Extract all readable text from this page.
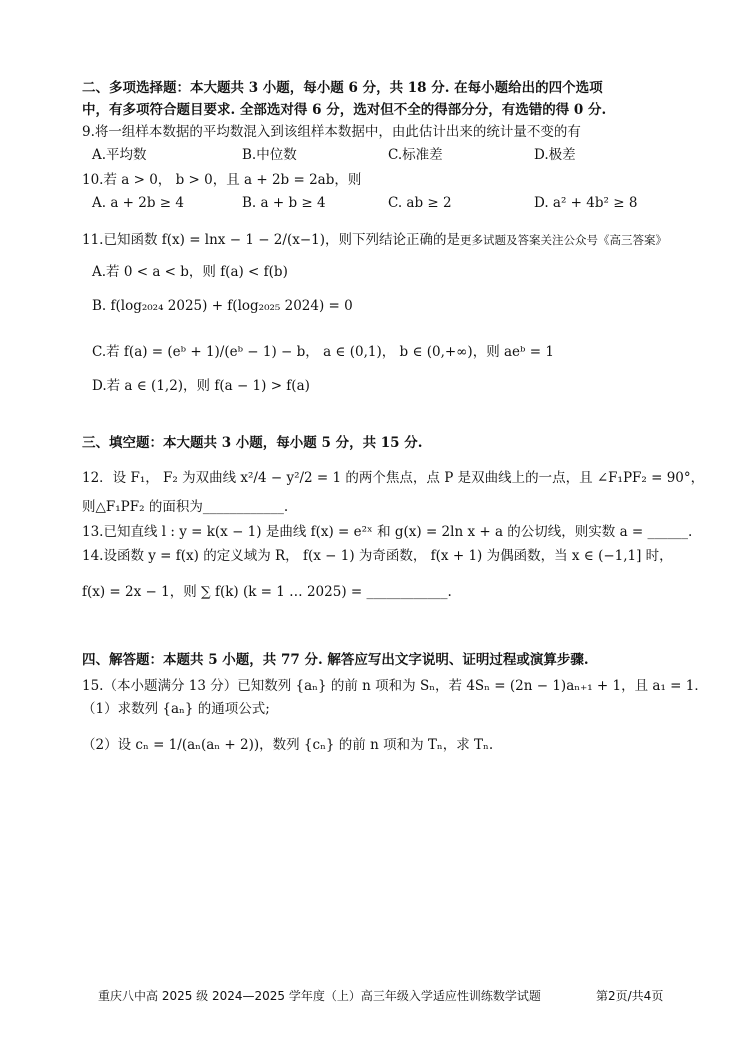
二、多项选择题：本大题共 3 小题，每小题 6 分，共 18 分. 在每小题给出的四个选项
中，有多项符合题目要求. 全部选对得 6 分，选对但不全的得部分分，有选错的得 0 分.
9.将一组样本数据的平均数混入到该组样本数据中，由此估计出来的统计量不变的有
A.平均数	B.中位数	C.标准差	D.极差
10.若 a > 0， b > 0，且 a + 2b = 2ab，则
A. a + 2b ≥ 4	B. a + b ≥ 4	C. ab ≥ 2	D. a² + 4b² ≥ 8
11.已知函数 f(x) = lnx − 1 − 2/(x−1)，则下列结论正确的是更多试题及答案关注公众号《高三答案》
A.若 0 < a < b，则 f(a) < f(b)
B. f(log₂₀₂₄ 2025) + f(log₂₀₂₅ 2024) = 0
C.若 f(a) = (eᵇ + 1)/(eᵇ − 1) − b， a ∈ (0,1)， b ∈ (0,+∞)，则 aeᵇ = 1
D.若 a ∈ (1,2)，则 f(a − 1) > f(a)
三、填空题：本大题共 3 小题，每小题 5 分，共 15 分.
12．设 F₁， F₂ 为双曲线 x²/4 − y²/2 = 1 的两个焦点，点 P 是双曲线上的一点，且 ∠F₁PF₂ = 90°，
则△F₁PF₂ 的面积为____________.
13.已知直线 l : y = k(x − 1) 是曲线 f(x) = e²ˣ 和 g(x) = 2ln x + a 的公切线，则实数 a = ______.
14.设函数 y = f(x) 的定义域为 R， f(x − 1) 为奇函数， f(x + 1) 为偶函数，当 x ∈ (−1,1] 时，
f(x) = 2x − 1，则 ∑ f(k) (k = 1 … 2025) = ____________.
四、解答题：本题共 5 小题，共 77 分. 解答应写出文字说明、证明过程或演算步骤.
15.（本小题满分 13 分）已知数列 {aₙ} 的前 n 项和为 Sₙ，若 4Sₙ = (2n − 1)aₙ₊₁ + 1，且 a₁ = 1．
（1）求数列 {aₙ} 的通项公式;
（2）设 cₙ = 1/(aₙ(aₙ + 2))，数列 {cₙ} 的前 n 项和为 Tₙ，求 Tₙ.
重庆八中高 2025 级 2024—2025 学年度（上）高三年级入学适应性训练数学试题	第2页/共4页
